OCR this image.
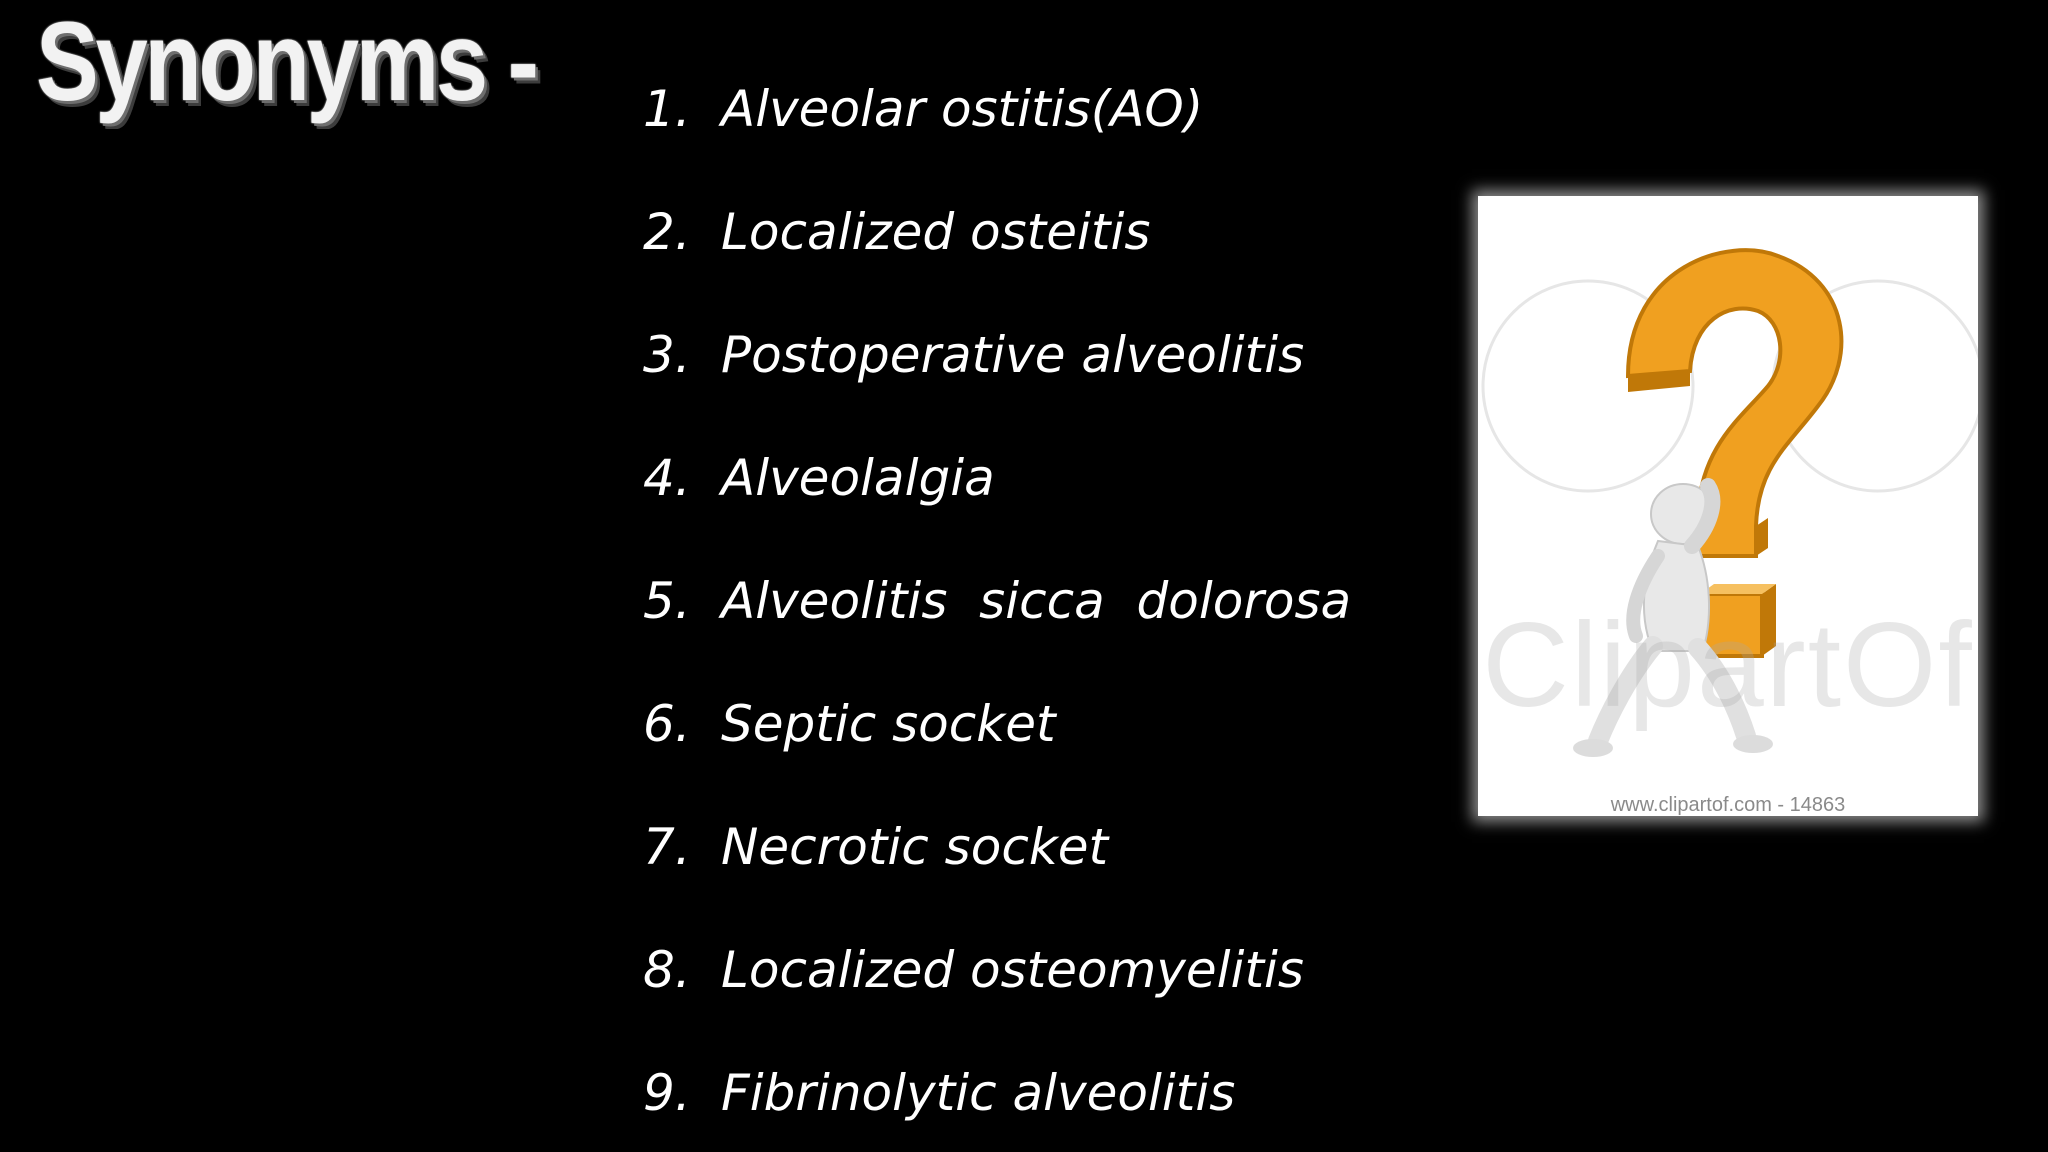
Synonyms - 1. Alveolar ostitis(AO)
2. Localized osteitis
3. Postoperative alveolitis
4. Alveolalgia
5. Alveolitis  sicca  dolorosa
6. Septic socket
7. Necrotic socket
8. Localized osteomyelitis
9. Fibrinolytic alveolitis
ClipartOf
www.clipartof.com - 14863
